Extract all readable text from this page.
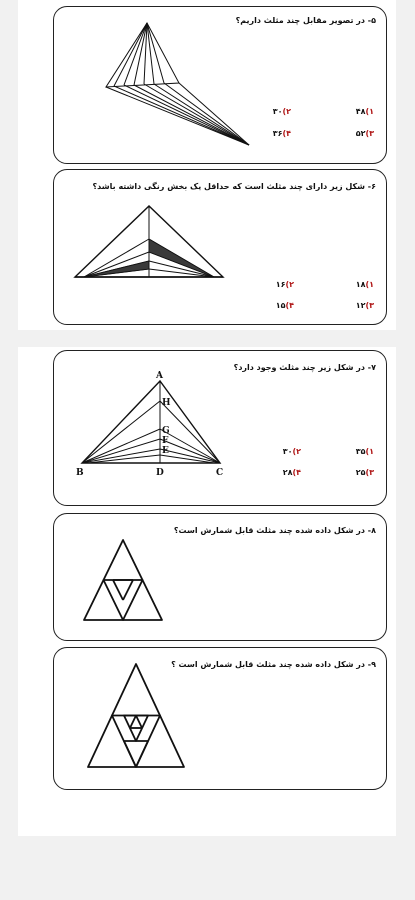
۵- در تصویر مقابل چند مثلث داریم؟
۱)۴۸
۲)۳۰
۳)۵۲
۴)۳۶
۶- شکل زیر دارای چند مثلث است که حداقل یک بخش رنگی داشته باشد؟
۱)۱۸
۲)۱۶
۳)۱۲
۴)۱۵
۷- در شکل زیر چند مثلث وجود دارد؟
A
H
G
F
E
B	D	C
۱)۳۵
۲)۳۰
۳)۲۵
۴)۲۸
۸- در شکل داده شده چند مثلث قابل شمارش است؟
۹- در شکل داده شده چند مثلث قابل شمارش است ؟
